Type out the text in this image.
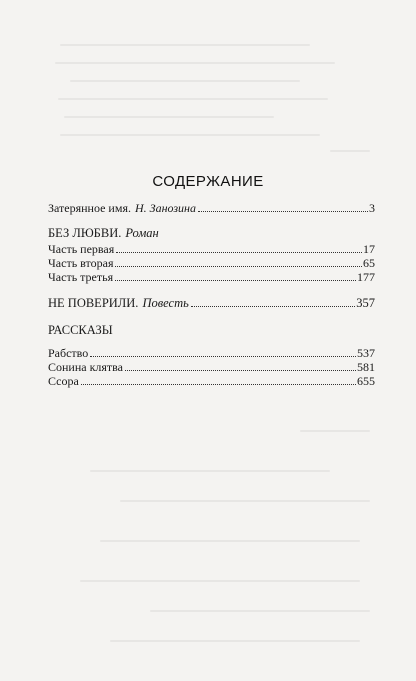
СОДЕРЖАНИЕ
Затерянное имя. Н. Занозина	3
БЕЗ ЛЮБВИ. Роман
Часть первая	17
Часть вторая	65
Часть третья	177
НЕ ПОВЕРИЛИ. Повесть	357
РАССКАЗЫ
Рабство	537
Сонина клятва	581
Ссора	655
